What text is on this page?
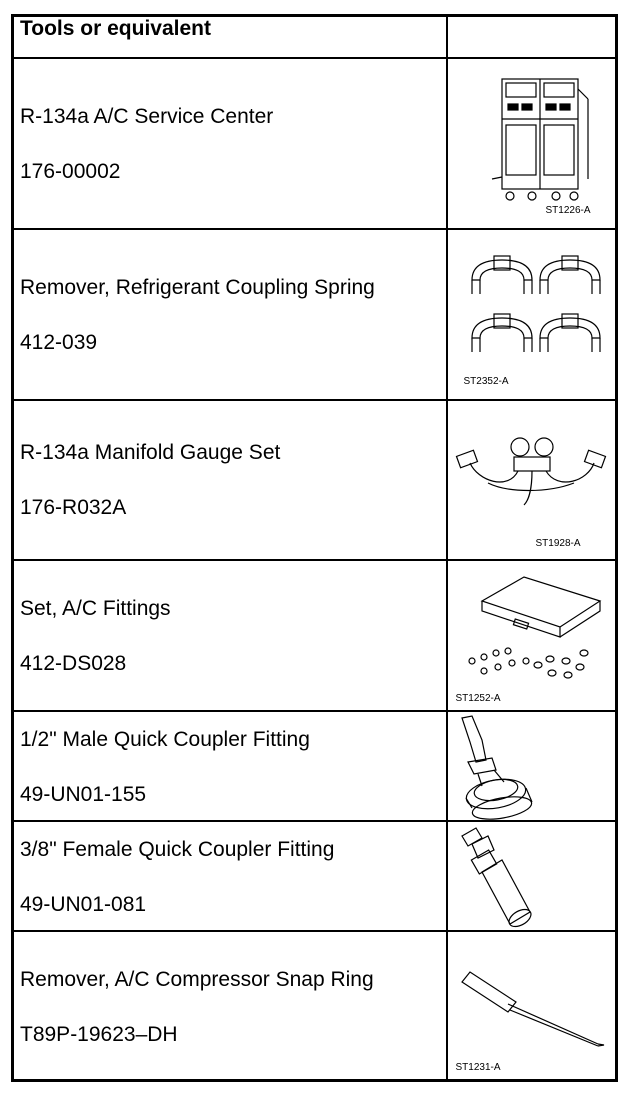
Tools or equivalent	

R-134a A/C Service Center
176-00002	ST1226-A

Remover, Refrigerant Coupling Spring
412-039	ST2352-A

R-134a Manifold Gauge Set
176-R032A	ST1928-A

Set, A/C Fittings
412-DS028	ST1252-A

1/2" Male Quick Coupler Fitting
49-UN01-155

3/8" Female Quick Coupler Fitting
49-UN01-081

Remover, A/C Compressor Snap Ring
T89P-19623–DH	ST1231-A
